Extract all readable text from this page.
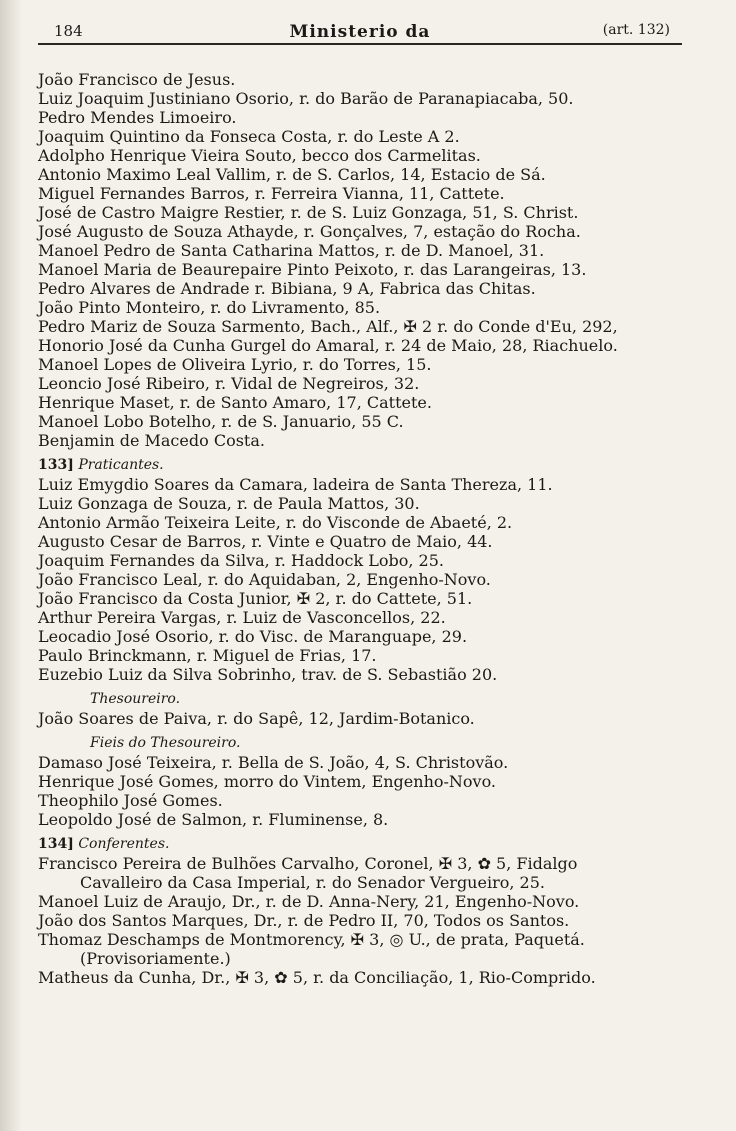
184	Ministerio da	(art. 132)
João Francisco de Jesus.
Luiz Joaquim Justiniano Osorio, r. do Barão de Paranapiacaba, 50.
Pedro Mendes Limoeiro.
Joaquim Quintino da Fonseca Costa, r. do Leste A 2.
Adolpho Henrique Vieira Souto, becco dos Carmelitas.
Antonio Maximo Leal Vallim, r. de S. Carlos, 14, Estacio de Sá.
Miguel Fernandes Barros, r. Ferreira Vianna, 11, Cattete.
José de Castro Maigre Restier, r. de S. Luiz Gonzaga, 51, S. Christ.
José Augusto de Souza Athayde, r. Gonçalves, 7, estação do Rocha.
Manoel Pedro de Santa Catharina Mattos, r. de D. Manoel, 31.
Manoel Maria de Beaurepaire Pinto Peixoto, r. das Larangeiras, 13.
Pedro Alvares de Andrade r. Bibiana, 9 A, Fabrica das Chitas.
João Pinto Monteiro, r. do Livramento, 85.
Pedro Mariz de Souza Sarmento, Bach., Alf., ✠ 2 r. do Conde d'Eu, 292,
Honorio José da Cunha Gurgel do Amaral, r. 24 de Maio, 28, Riachuelo.
Manoel Lopes de Oliveira Lyrio, r. do Torres, 15.
Leoncio José Ribeiro, r. Vidal de Negreiros, 32.
Henrique Maset, r. de Santo Amaro, 17, Cattete.
Manoel Lobo Botelho, r. de S. Januario, 55 C.
Benjamin de Macedo Costa.
133] Praticantes.
Luiz Emygdio Soares da Camara, ladeira de Santa Thereza, 11.
Luiz Gonzaga de Souza, r. de Paula Mattos, 30.
Antonio Armão Teixeira Leite, r. do Visconde de Abaeté, 2.
Augusto Cesar de Barros, r. Vinte e Quatro de Maio, 44.
Joaquim Fernandes da Silva, r. Haddock Lobo, 25.
João Francisco Leal, r. do Aquidaban, 2, Engenho-Novo.
João Francisco da Costa Junior, ✠ 2, r. do Cattete, 51.
Arthur Pereira Vargas, r. Luiz de Vasconcellos, 22.
Leocadio José Osorio, r. do Visc. de Maranguape, 29.
Paulo Brinckmann, r. Miguel de Frias, 17.
Euzebio Luiz da Silva Sobrinho, trav. de S. Sebastião 20.
Thesoureiro.
João Soares de Paiva, r. do Sapê, 12, Jardim-Botanico.
Fieis do Thesoureiro.
Damaso José Teixeira, r. Bella de S. João, 4, S. Christovão.
Henrique José Gomes, morro do Vintem, Engenho-Novo.
Theophilo José Gomes.
Leopoldo José de Salmon, r. Fluminense, 8.
134] Conferentes.
Francisco Pereira de Bulhões Carvalho, Coronel, ✠ 3, ✿ 5, Fidalgo
Cavalleiro da Casa Imperial, r. do Senador Vergueiro, 25.
Manoel Luiz de Araujo, Dr., r. de D. Anna-Nery, 21, Engenho-Novo.
João dos Santos Marques, Dr., r. de Pedro II, 70, Todos os Santos.
Thomaz Deschamps de Montmorency, ✠ 3, ◎ U., de prata, Paquetá.
(Provisoriamente.)
Matheus da Cunha, Dr., ✠ 3, ✿ 5, r. da Conciliação, 1, Rio-Comprido.
